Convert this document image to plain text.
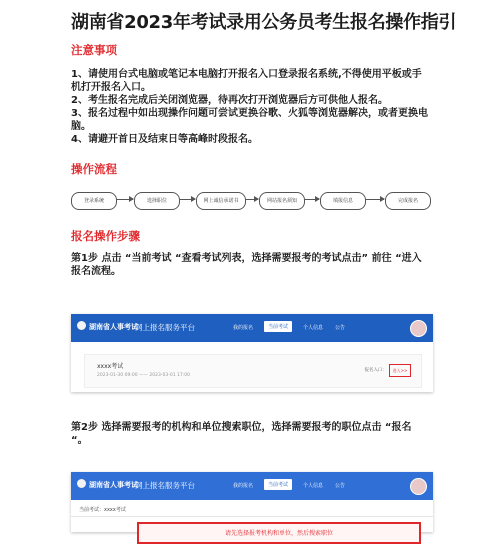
湖南省2023年考试录用公务员考生报名操作指引
注意事项

1、请使用台式电脑或笔记本电脑打开报名入口登录报名系统,不得使用平板或手机打开报名入口。

2、考生报名完成后关闭浏览器，待再次打开浏览器后方可供他人报名。

3、报名过程中如出现操作问题可尝试更换谷歌、火狐等浏览器解决，或者更换电脑。

4、请避开首日及结束日等高峰时段报名。

操作流程
登录系统	选择职位	网上诚信承诺书	网站报名须知	填报信息	完成报名
报名操作步骤
第1步 点击 “当前考试 “查看考试列表，选择需要报考的考试点击” 前往 “进入报名流程。
湖南省人事考试
网上报名服务平台	我的报名	当前考试	个人信息 公告
xxxx考试
2023-01-30 09:00 —— 2023-03-01 17:00
报名入口：	进入>>
第2步 选择需要报考的机构和单位搜索职位，选择需要报考的职位点击 “报名 “。
湖南省人事考试
网上报名服务平台	我的报名	当前考试	个人信息 公告
当前考试：xxxx考试
请先选择报考机构和单位，然后搜索职位
